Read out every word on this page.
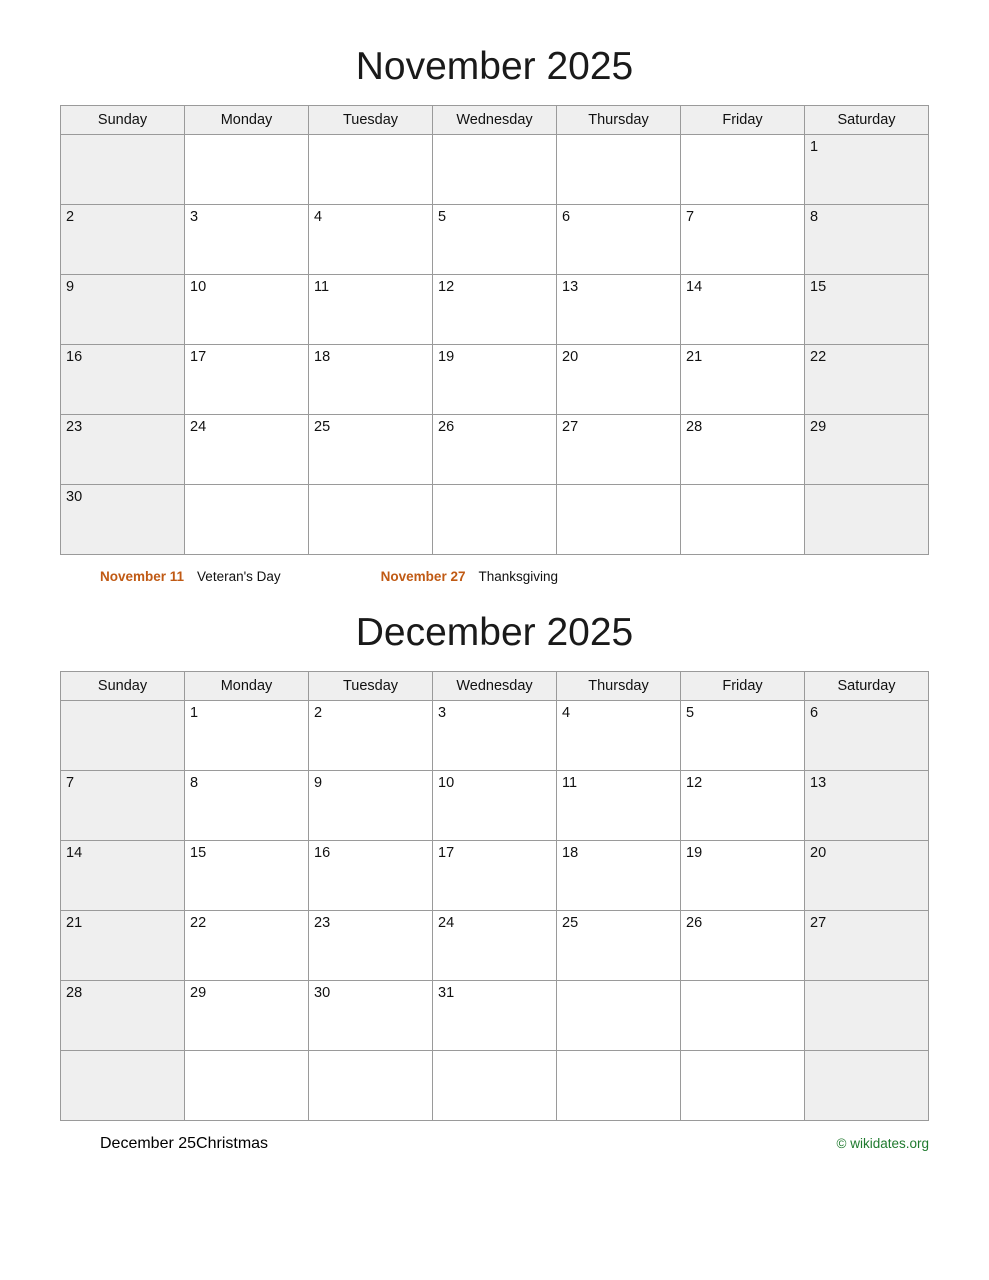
November 2025
Sunday	Monday	Tuesday	Wednesday	Thursday	Friday	Saturday
						1
2	3	4	5	6	7	8
9	10	11	12	13	14	15
16	17	18	19	20	21	22
23	24	25	26	27	28	29
30						
November 11 Veteran's Day	November 27 Thanksgiving
December 2025
Sunday	Monday	Tuesday	Wednesday	Thursday	Friday	Saturday
	1	2	3	4	5	6
7	8	9	10	11	12	13
14	15	16	17	18	19	20
21	22	23	24	25	26	27
28	29	30	31			

December 25 Christmas	© wikidates.org
